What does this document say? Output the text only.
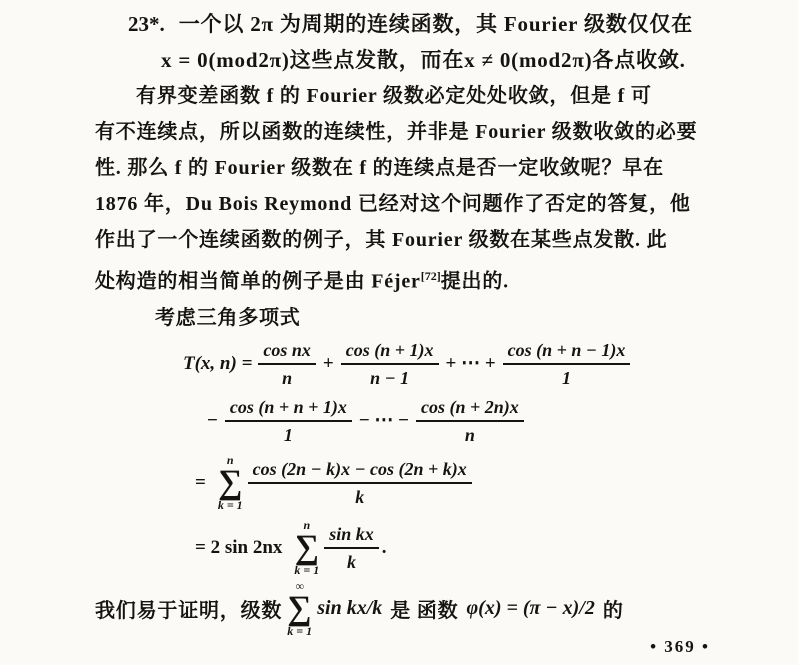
23*. 一个以 2π 为周期的连续函数，其 Fourier 级数仅仅在
x = 0(mod2π)这些点发散，而在x ≠ 0(mod2π)各点收敛.
有界变差函数 f 的 Fourier 级数必定处处收敛，但是 f 可
有不连续点，所以函数的连续性，并非是 Fourier 级数收敛的必要
性. 那么 f 的 Fourier 级数在 f 的连续点是否一定收敛呢？早在
1876 年，Du Bois Reymond 已经对这个问题作了否定的答复，他
作出了一个连续函数的例子，其 Fourier 级数在某些点发散. 此
处构造的相当简单的例子是由 Féjer[72]提出的.
考虑三角多项式
T(x, $n) = \frac{\text{cos nx}}{n} + \frac{\cos (n + 1)x}{n - 1}$ + ⋯ + $\frac{\cos (n + n - 1)x}{1}$
− $\frac{\cos (n + n + 1)x}{1}$ − ⋯ − $\frac{\cos (n + 2n)x}{n}$
=
n
∑
$k = 1 \frac{\cos (2n - k)x - \cos (2n + k)x}{k}$
= 2 sin 2nx
n
∑
$k = 1 \frac{\text{sin kx}}{k}$ .
我们易于证明，级数
∞
∑
k = 1
sin kx/k 是 函数 φ(x) = (π − x)/2 的
• 369 •
